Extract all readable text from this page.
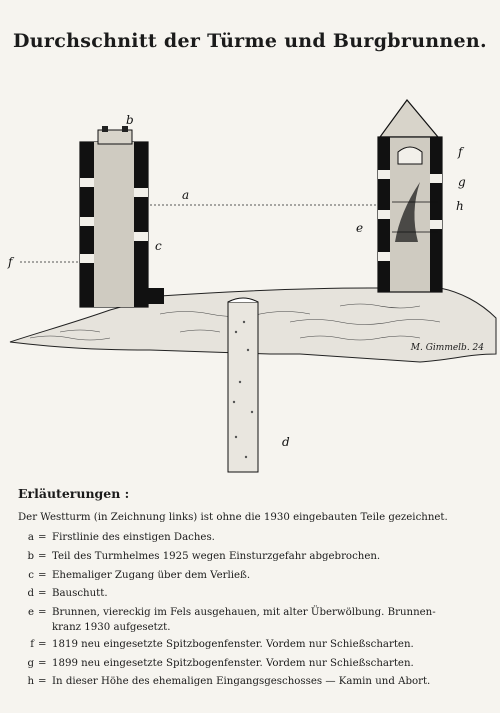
Durchschnitt der Türme und Burgbrunnen.
a
b
c
d
e
f
f
g
h
M. Gimmelb. 24
Erläuterungen :
Der Westturm (in Zeichnung links) ist ohne die 1930 eingebauten Teile gezeichnet.
a = Firstlinie des einstigen Daches.
b = Teil des Turmhelmes 1925 wegen Einsturzgefahr abgebrochen.
c = Ehemaliger Zugang über dem Verließ.
d = Bauschutt.
e = Brunnen, viereckig im Fels ausgehauen, mit alter Überwölbung. Brunnen-
kranz 1930 aufgesetzt.
f = 1819 neu eingesetzte Spitzbogenfenster. Vordem nur Schießscharten.
g = 1899 neu eingesetzte Spitzbogenfenster. Vordem nur Schießscharten.
h = In dieser Höhe des ehemaligen Eingangsgeschosses — Kamin und Abort.
